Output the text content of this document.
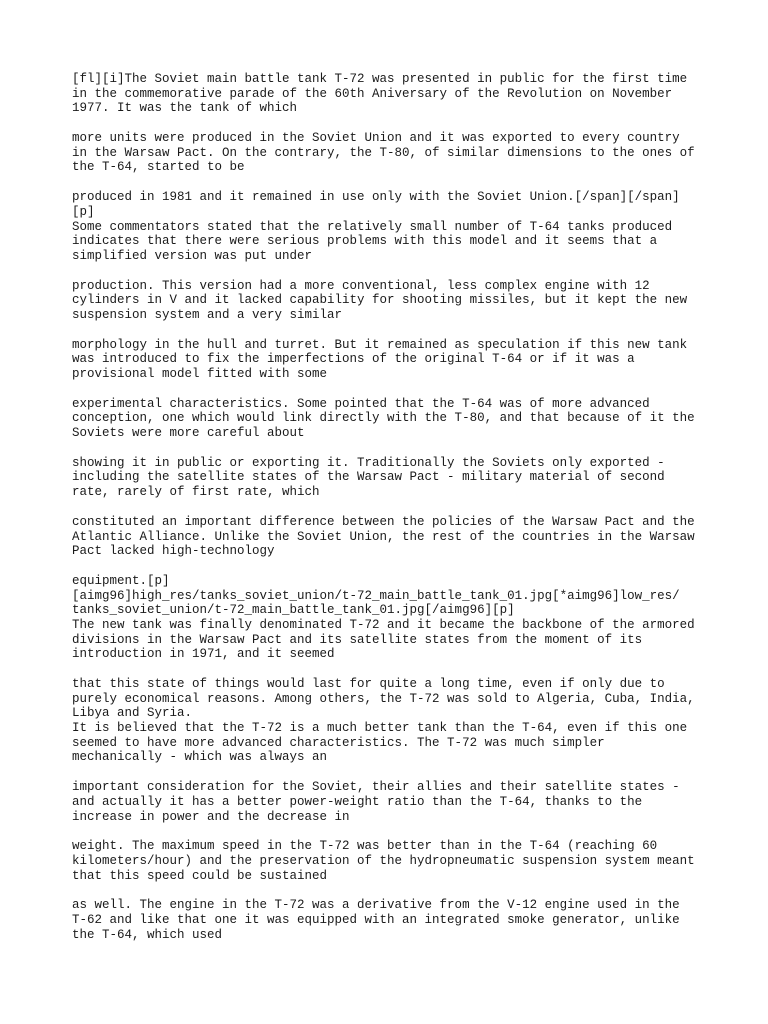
[fl][i]The Soviet main battle tank T-72 was presented in public for the first time
in the commemorative parade of the 60th Aniversary of the Revolution on November
1977. It was the tank of which
more units were produced in the Soviet Union and it was exported to every country
in the Warsaw Pact. On the contrary, the T-80, of similar dimensions to the ones of
the T-64, started to be
produced in 1981 and it remained in use only with the Soviet Union.[/span][/span]
[p]
Some commentators stated that the relatively small number of T-64 tanks produced
indicates that there were serious problems with this model and it seems that a
simplified version was put under
production. This version had a more conventional, less complex engine with 12
cylinders in V and it lacked capability for shooting missiles, but it kept the new
suspension system and a very similar
morphology in the hull and turret. But it remained as speculation if this new tank
was introduced to fix the imperfections of the original T-64 or if it was a
provisional model fitted with some
experimental characteristics. Some pointed that the T-64 was of more advanced
conception, one which would link directly with the T-80, and that because of it the
Soviets were more careful about
showing it in public or exporting it. Traditionally the Soviets only exported -
including the satellite states of the Warsaw Pact - military material of second
rate, rarely of first rate, which
constituted an important difference between the policies of the Warsaw Pact and the
Atlantic Alliance. Unlike the Soviet Union, the rest of the countries in the Warsaw
Pact lacked high-technology
equipment.[p]
[aimg96]high_res/tanks_soviet_union/t-72_main_battle_tank_01.jpg[*aimg96]low_res/
tanks_soviet_union/t-72_main_battle_tank_01.jpg[/aimg96][p]
The new tank was finally denominated T-72 and it became the backbone of the armored
divisions in the Warsaw Pact and its satellite states from the moment of its
introduction in 1971, and it seemed
that this state of things would last for quite a long time, even if only due to
purely economical reasons. Among others, the T-72 was sold to Algeria, Cuba, India,
Libya and Syria.
It is believed that the T-72 is a much better tank than the T-64, even if this one
seemed to have more advanced characteristics. The T-72 was much simpler
mechanically - which was always an
important consideration for the Soviet, their allies and their satellite states -
and actually it has a better power-weight ratio than the T-64, thanks to the
increase in power and the decrease in
weight. The maximum speed in the T-72 was better than in the T-64 (reaching 60
kilometers/hour) and the preservation of the hydropneumatic suspension system meant
that this speed could be sustained
as well. The engine in the T-72 was a derivative from the V-12 engine used in the
T-62 and like that one it was equipped with an integrated smoke generator, unlike
the T-64, which used
